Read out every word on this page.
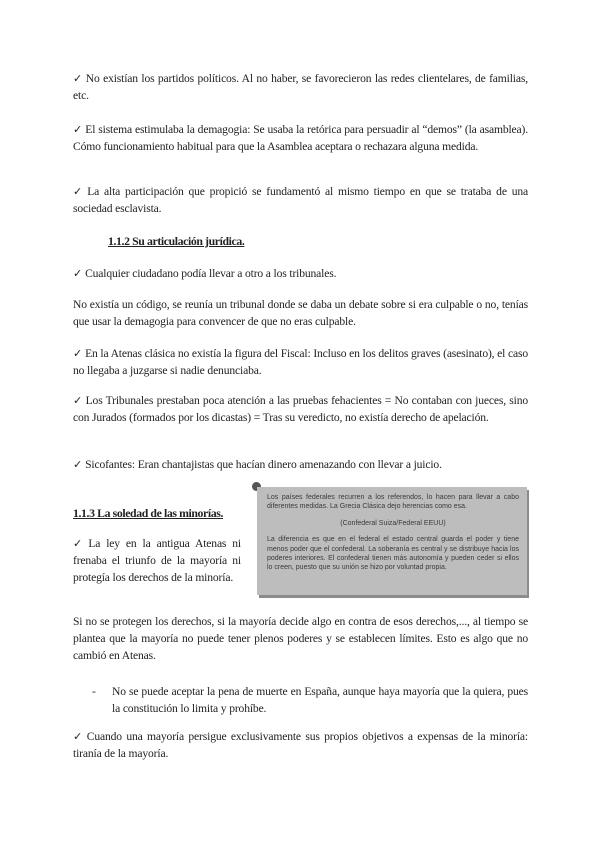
✓ No existían los partidos políticos. Al no haber, se favorecieron las redes clientelares, de familias, etc.

✓ El sistema estimulaba la demagogia: Se usaba la retórica para persuadir al “demos” (la asamblea). Cómo funcionamiento habitual para que la Asamblea aceptara o rechazara alguna medida.

✓ La alta participación que propició se fundamentó al mismo tiempo en que se trataba de una sociedad esclavista.

1.1.2 Su articulación jurídica.

✓ Cualquier ciudadano podía llevar a otro a los tribunales.

No existía un código, se reunía un tribunal donde se daba un debate sobre si era culpable o no, tenías que usar la demagogia para convencer de que no eras culpable.

✓ En la Atenas clásica no existía la figura del Fiscal: Incluso en los delitos graves (asesinato), el caso no llegaba a juzgarse si nadie denunciaba.

✓ Los Tribunales prestaban poca atención a las pruebas fehacientes = No contaban con jueces, sino con Jurados (formados por los dicastas) = Tras su veredicto, no existía derecho de apelación.

✓ Sicofantes: Eran chantajistas que hacían dinero amenazando con llevar a juicio.

1.1.3 La soledad de las minorías.

✓ La ley en la antigua Atenas ni frenaba el triunfo de la mayoría ni protegía los derechos de la minoría.

Los países federales recurren a los referendos, lo hacen para llevar a cabo diferentes medidas. La Grecia Clásica dejo herencias como esa.

(Confederal Suiza/Federal EEUU)

La diferencia es que en el federal el estado central guarda el poder y tiene menos poder que el confederal. La soberanía es central y se distribuye hacia los poderes interiores. El confederal tienen más autonomía y pueden ceder si ellos lo creen, puesto que su unión se hizo por voluntad propia.

Si no se protegen los derechos, si la mayoría decide algo en contra de esos derechos,..., al tiempo se plantea que la mayoría no puede tener plenos poderes y se establecen límites. Esto es algo que no cambió en Atenas.

- No se puede aceptar la pena de muerte en España, aunque haya mayoría que la quiera, pues la constitución lo limita y prohíbe.

✓ Cuando una mayoría persigue exclusivamente sus propios objetivos a expensas de la minoría: tiranía de la mayoría.
